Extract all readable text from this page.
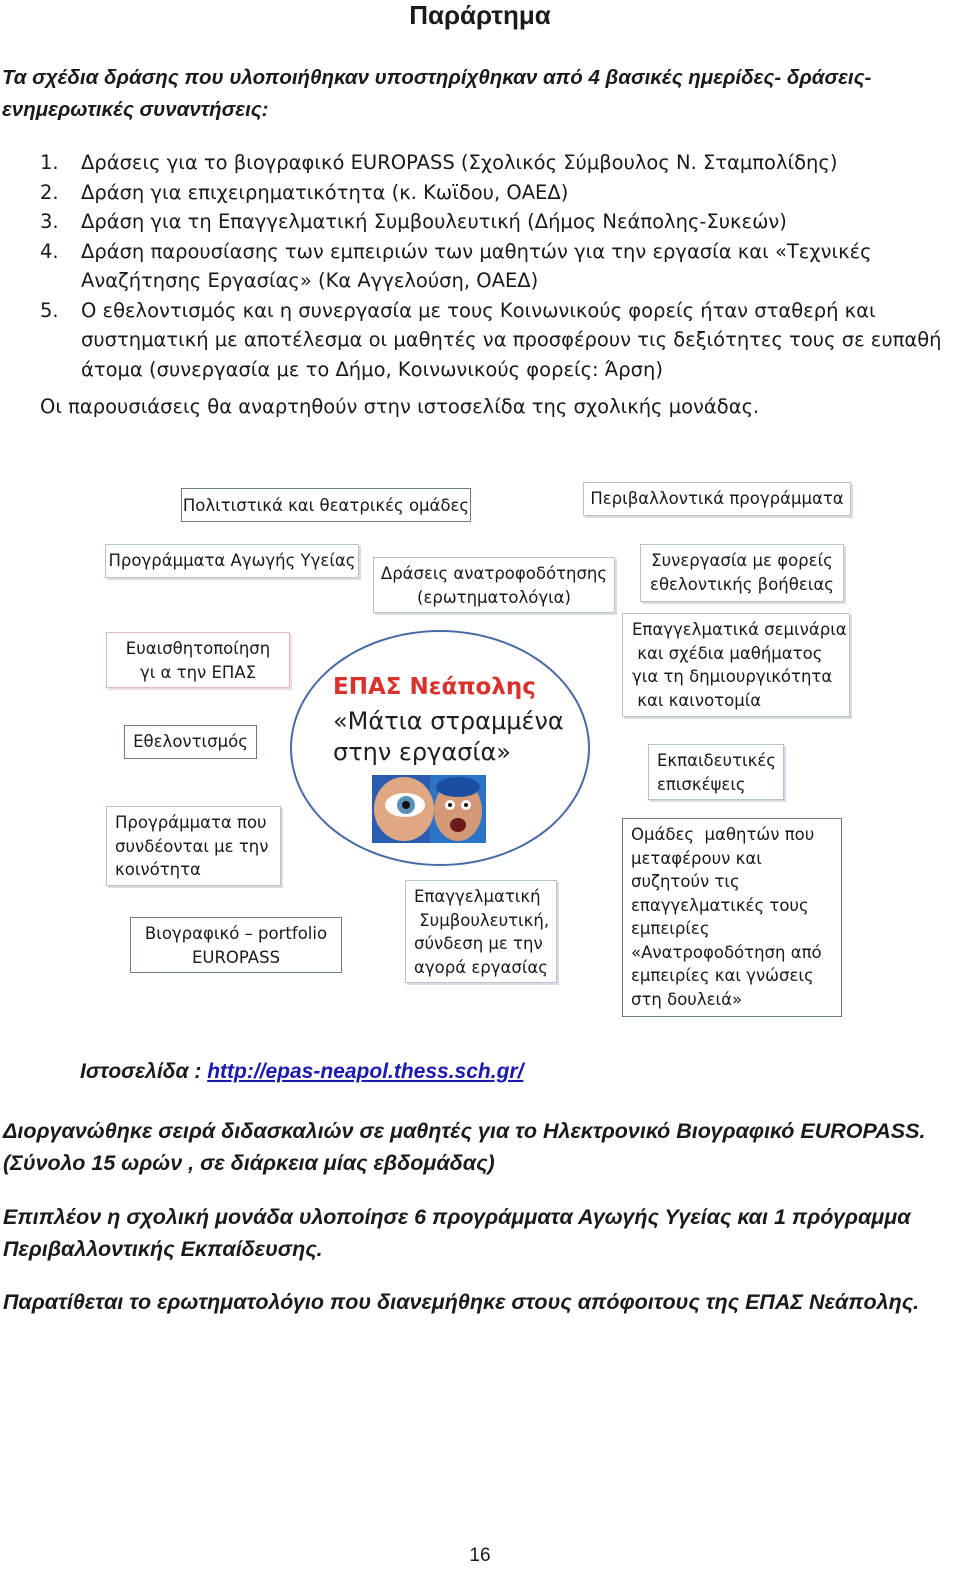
Παράρτημα
Τα σχέδια δράσης που υλοποιήθηκαν υποστηρίχθηκαν από 4 βασικές ημερίδες- δράσεις- ενημερωτικές συναντήσεις:
1. Δράσεις για το βιογραφικό EUROPASS (Σχολικός Σύμβουλος Ν. Σταμπολίδης)
2. Δράση για επιχειρηματικότητα (κ. Κωϊδου, ΟΑΕΔ)
3. Δράση για τη Επαγγελματική Συμβουλευτική (Δήμος Νεάπολης-Συκεών)
4. Δράση παρουσίασης των εμπειριών των μαθητών για την εργασία και «Τεχνικές Αναζήτησης Εργασίας» (Κα Αγγελούση, ΟΑΕΔ)
5. Ο εθελοντισμός και η συνεργασία με τους Κοινωνικούς φορείς ήταν σταθερή και συστηματική με αποτέλεσμα οι μαθητές να προσφέρουν τις δεξιότητες τους σε ευπαθή άτομα (συνεργασία με το Δήμο, Κοινωνικούς φορείς: Άρση)
Οι παρουσιάσεις θα αναρτηθούν στην ιστοσελίδα της σχολικής μονάδας.
Πολιτιστικά και θεατρικές ομάδες	Περιβαλλοντικά προγράμματα
Προγράμματα Αγωγής Υγείας
Δράσεις ανατροφοδότησης
(ερωτηματολόγια)
Συνεργασία με φορείς
εθελοντικής βοήθειας
Ευαισθητοποίηση
γι α την ΕΠΑΣ
Επαγγελματικά σεμινάρια
και σχέδια μαθήματος
για τη δημιουργικότητα
και καινοτομία
Εθελοντισμός
ΕΠΑΣ Νεάπολης
«Μάτια στραμμένα
στην εργασία»	Εκπαιδευτικές
επισκέψεις
Προγράμματα που
συνδέονται με την
κοινότητα
Ομάδες  μαθητών που
μεταφέρουν και
συζητούν τις
επαγγελματικές τους
εμπειρίες
«Ανατροφοδότηση από
εμπειρίες και γνώσεις
στη δουλειά»
Επαγγελματική
Συμβουλευτική,
σύνδεση με την
αγορά εργασίας
Βιογραφικό – portfolio
EUROPASS
Ιστοσελίδα : http://epas-neapol.thess.sch.gr/
Διοργανώθηκε σειρά διδασκαλιών σε μαθητές για το Ηλεκτρονικό Βιογραφικό EUROPASS. (Σύνολο 15 ωρών , σε διάρκεια μίας εβδομάδας)
Επιπλέον η σχολική μονάδα υλοποίησε 6 προγράμματα Αγωγής Υγείας και 1 πρόγραμμα Περιβαλλοντικής Εκπαίδευσης.
Παρατίθεται το ερωτηματολόγιο που διανεμήθηκε στους απόφοιτους της ΕΠΑΣ Νεάπολης.
16
